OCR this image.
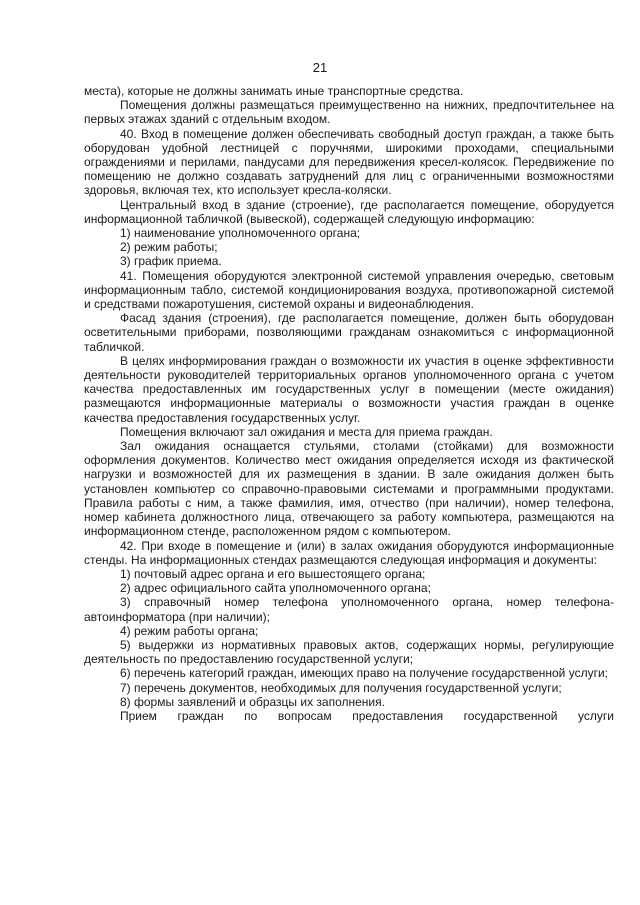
21

места), которые не должны занимать иные транспортные средства.

Помещения должны размещаться преимущественно на нижних, предпочтительнее на первых этажах зданий с отдельным входом.

40. Вход в помещение должен обеспечивать свободный доступ граждан, а также быть оборудован удобной лестницей с поручнями, широкими проходами, специальными ограждениями и перилами, пандусами для передвижения кресел-колясок. Передвижение по помещению не должно создавать затруднений для лиц с ограниченными возможностями здоровья, включая тех, кто использует кресла-коляски.

Центральный вход в здание (строение), где располагается помещение, оборудуется информационной табличкой (вывеской), содержащей следующую информацию:

1) наименование уполномоченного органа;

2) режим работы;

3) график приема.

41. Помещения оборудуются электронной системой управления очередью, световым информационным табло, системой кондиционирования воздуха, противопожарной системой и средствами пожаротушения, системой охраны и видеонаблюдения.

Фасад здания (строения), где располагается помещение, должен быть оборудован осветительными приборами, позволяющими гражданам ознакомиться с информационной табличкой.

В целях информирования граждан о возможности их участия в оценке эффективности деятельности руководителей территориальных органов уполномоченного органа с учетом качества предоставленных им государственных услуг в помещении (месте ожидания) размещаются информационные материалы о возможности участия граждан в оценке качества предоставления государственных услуг.

Помещения включают зал ожидания и места для приема граждан.

Зал ожидания оснащается стульями, столами (стойками) для возможности оформления документов. Количество мест ожидания определяется исходя из фактической нагрузки и возможностей для их размещения в здании. В зале ожидания должен быть установлен компьютер со справочно-правовыми системами и программными продуктами. Правила работы с ним, а также фамилия, имя, отчество (при наличии), номер телефона, номер кабинета должностного лица, отвечающего за работу компьютера, размещаются на информационном стенде, расположенном рядом с компьютером.

42. При входе в помещение и (или) в залах ожидания оборудуются информационные стенды. На информационных стендах размещаются следующая информация и документы:

1) почтовый адрес органа и его вышестоящего органа;

2) адрес официального сайта уполномоченного органа;

3) справочный номер телефона уполномоченного органа, номер телефона-автоинформатора (при наличии);

4) режим работы органа;

5) выдержки из нормативных правовых актов, содержащих нормы, регулирующие деятельность по предоставлению государственной услуги;

6) перечень категорий граждан, имеющих право на получение государственной услуги;

7) перечень документов, необходимых для получения государственной услуги;

8) формы заявлений и образцы их заполнения.

Прием граждан по вопросам предоставления государственной услуги
